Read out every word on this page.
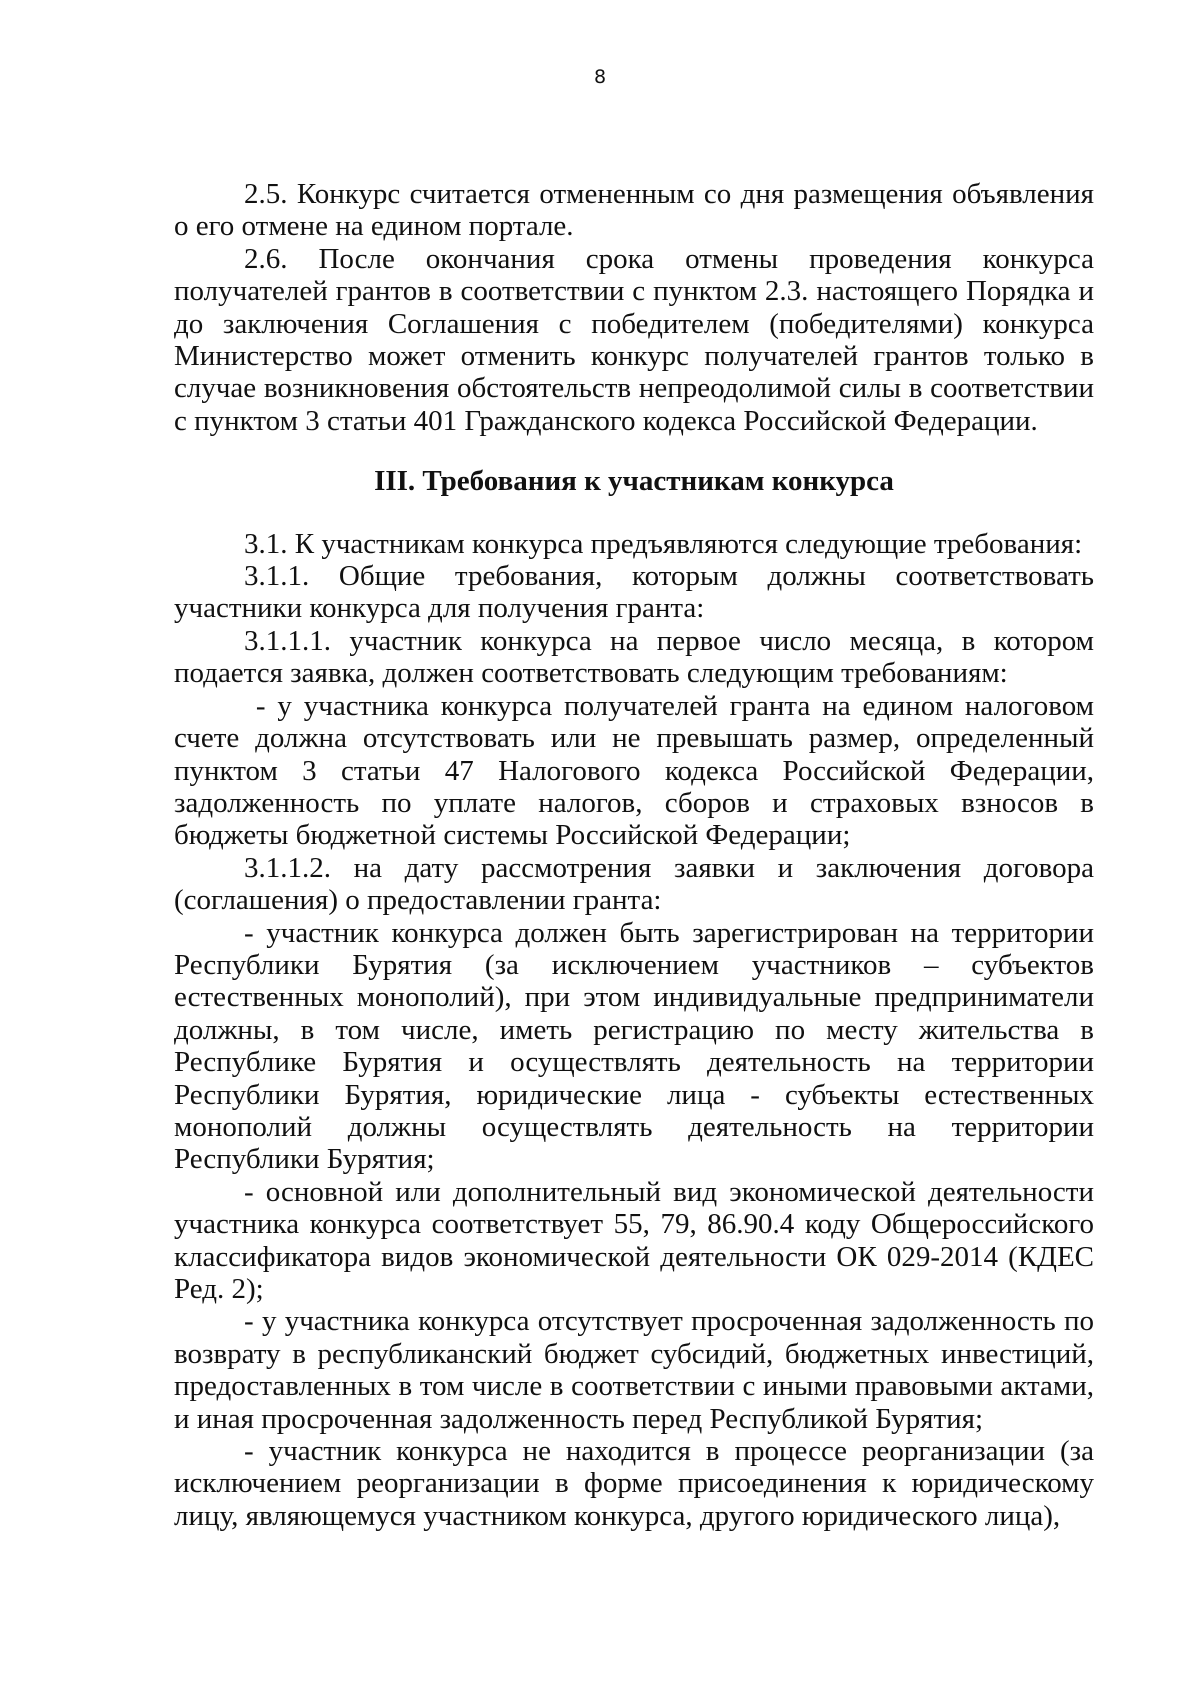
8

2.5. Конкурс считается отмененным со дня размещения объявления о его отмене на едином портале.

2.6. После окончания срока отмены проведения конкурса получателей грантов в соответствии с пунктом 2.3. настоящего Порядка и до заключения Соглашения с победителем (победителями) конкурса Министерство может отменить конкурс получателей грантов только в случае возникновения обстоятельств непреодолимой силы в соответствии с пунктом 3 статьи 401 Гражданского кодекса Российской Федерации.

III. Требования к участникам конкурса

3.1. К участникам конкурса предъявляются следующие требования:

3.1.1. Общие требования, которым должны соответствовать участники конкурса для получения гранта:

3.1.1.1. участник конкурса на первое число месяца, в котором подается заявка, должен соответствовать следующим требованиям:

- у участника конкурса получателей гранта на едином налоговом счете должна отсутствовать или не превышать размер, определенный пунктом 3 статьи 47 Налогового кодекса Российской Федерации, задолженность по уплате налогов, сборов и страховых взносов в бюджеты бюджетной системы Российской Федерации;

3.1.1.2. на дату рассмотрения заявки и заключения договора (соглашения) о предоставлении гранта:

- участник конкурса должен быть зарегистрирован на территории Республики Бурятия (за исключением участников – субъектов естественных монополий), при этом индивидуальные предприниматели должны, в том числе, иметь регистрацию по месту жительства в Республике Бурятия и осуществлять деятельность на территории Республики Бурятия, юридические лица - субъекты естественных монополий должны осуществлять деятельность на территории Республики Бурятия;

- основной или дополнительный вид экономической деятельности участника конкурса соответствует 55, 79, 86.90.4 коду Общероссийского классификатора видов экономической деятельности ОК 029-2014 (КДЕС Ред. 2);

- у участника конкурса отсутствует просроченная задолженность по возврату в республиканский бюджет субсидий, бюджетных инвестиций, предоставленных в том числе в соответствии с иными правовыми актами, и иная просроченная задолженность перед Республикой Бурятия;

- участник конкурса не находится в процессе реорганизации (за исключением реорганизации в форме присоединения к юридическому лицу, являющемуся участником конкурса, другого юридического лица),
